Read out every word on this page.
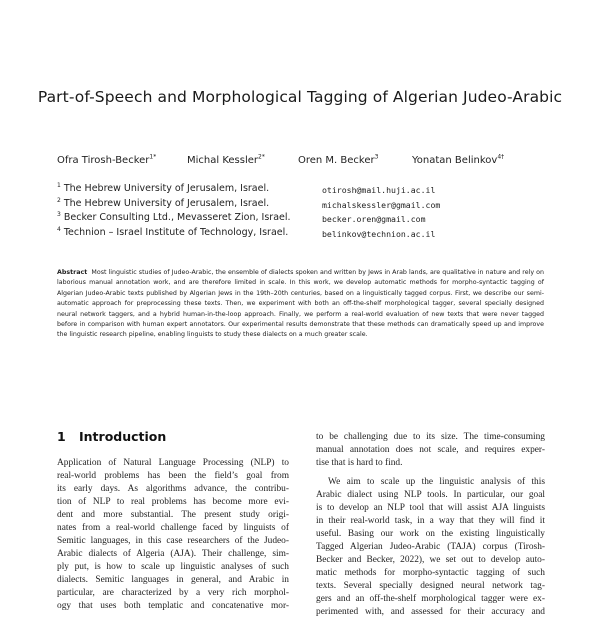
Part-of-Speech and Morphological Tagging of Algerian Judeo-Arabic
Ofra Tirosh-Becker$^{1*}$	Michal Kessler$^{2*}$	Oren M. Becker$^3$	Yonatan Belinkov$^{4\dagger}$
$^1$ The Hebrew University of Jerusalem, Israel.	otirosh@mail.huji.ac.il
$^2$ The Hebrew University of Jerusalem, Israel.	michalskessler@gmail.com
$^3$ Becker Consulting Ltd., Mevasseret Zion, Israel.	becker.oren@gmail.com
$^4$ Technion – Israel Institute of Technology, Israel.	belinkov@technion.ac.il

Abstract Most linguistic studies of Judeo-Arabic, the ensemble of dialects spoken and written by Jews in Arab lands, are qualitative in nature and rely on laborious manual annotation work, and are therefore limited in scale. In this work, we develop automatic methods for morpho-syntactic tagging of Algerian Judeo-Arabic texts published by Algerian Jews in the 19th–20th centuries, based on a linguistically tagged corpus. First, we describe our semi-automatic approach for preprocessing these texts. Then, we experiment with both an off-the-shelf morphological tagger, several specially designed neural network taggers, and a hybrid human-in-the-loop approach. Finally, we perform a real-world evaluation of new texts that were never tagged before in comparison with human expert annotators. Our experimental results demonstrate that these methods can dramatically speed up and improve the linguistic research pipeline, enabling linguists to study these dialects on a much greater scale.

1 Introduction
Application of Natural Language Processing (NLP) to
real-world problems has been the field’s goal from
its early days. As algorithms advance, the contribu-
tion of NLP to real problems has become more evi-
dent and more substantial. The present study origi-
nates from a real-world challenge faced by linguists of
Semitic languages, in this case researchers of the Judeo-
Arabic dialects of Algeria (AJA). Their challenge, sim-
ply put, is how to scale up linguistic analyses of such
dialects. Semitic languages in general, and Arabic in
particular, are characterized by a very rich morphol-
ogy that uses both templatic and concatenative mor-
to be challenging due to its size. The time-consuming
manual annotation does not scale, and requires exper-
tise that is hard to find.
We aim to scale up the linguistic analysis of this
Arabic dialect using NLP tools. In particular, our goal
is to develop an NLP tool that will assist AJA linguists
in their real-world task, in a way that they will find it
useful. Basing our work on the existing linguistically
Tagged Algerian Judeo-Arabic (TAJA) corpus (Tirosh-
Becker and Becker, 2022), we set out to develop auto-
matic methods for morpho-syntactic tagging of such
texts. Several specially designed neural network tag-
gers and an off-the-shelf morphological tagger were ex-
perimented with, and assessed for their accuracy and
